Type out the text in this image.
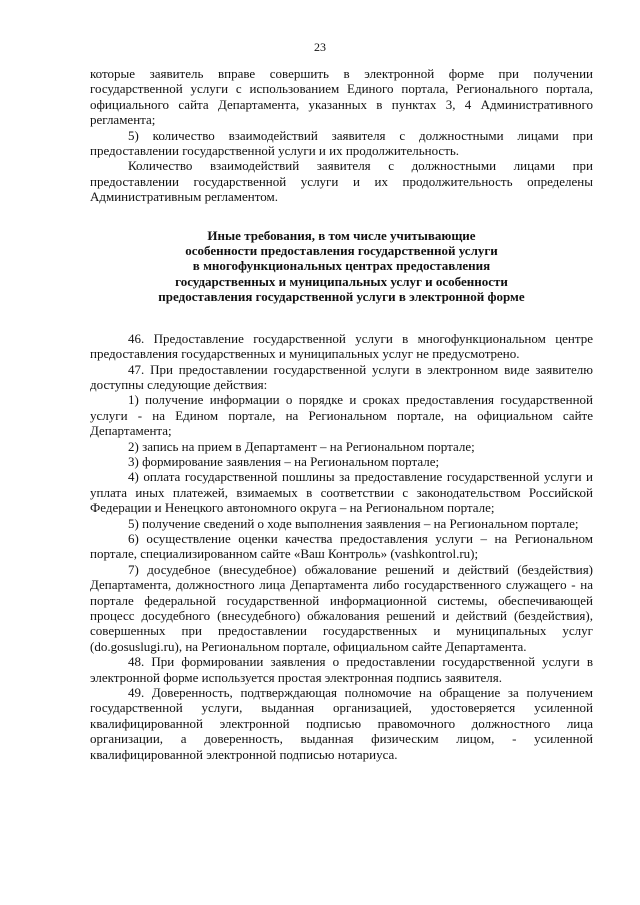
23

которые заявитель вправе совершить в электронной форме при получении государственной услуги с использованием Единого портала, Регионального портала, официального сайта Департамента, указанных в пунктах 3, 4 Административного регламента;

5) количество взаимодействий заявителя с должностными лицами при предоставлении государственной услуги и их продолжительность.

Количество взаимодействий заявителя с должностными лицами при предоставлении государственной услуги и их продолжительность определены Административным регламентом.

Иные требования, в том числе учитывающие

особенности предоставления государственной услуги

в многофункциональных центрах предоставления

государственных и муниципальных услуг и особенности

предоставления государственной услуги в электронной форме

46. Предоставление государственной услуги в многофункциональном центре предоставления государственных и муниципальных услуг не предусмотрено.

47. При предоставлении государственной услуги в электронном виде заявителю доступны следующие действия:

1) получение информации о порядке и сроках предоставления государственной услуги - на Едином портале, на Региональном портале, на официальном сайте Департамента;

2) запись на прием в Департамент – на Региональном портале;

3) формирование заявления – на Региональном портале;

4) оплата государственной пошлины за предоставление государственной услуги и уплата иных платежей, взимаемых в соответствии с законодательством Российской Федерации и Ненецкого автономного округа – на Региональном портале;

5) получение сведений о ходе выполнения заявления – на Региональном портале;

6) осуществление оценки качества предоставления услуги – на Региональном портале, специализированном сайте «Ваш Контроль» (vashkontrol.ru);

7) досудебное (внесудебное) обжалование решений и действий (бездействия) Департамента, должностного лица Департамента либо государственного служащего - на портале федеральной государственной информационной системы, обеспечивающей процесс досудебного (внесудебного) обжалования решений и действий (бездействия), совершенных при предоставлении государственных и муниципальных услуг (do.gosuslugi.ru), на Региональном портале, официальном сайте Департамента.

48. При формировании заявления о предоставлении государственной услуги в электронной форме используется простая электронная подпись заявителя.

49. Доверенность, подтверждающая полномочие на обращение за получением государственной услуги, выданная организацией, удостоверяется усиленной квалифицированной электронной подписью правомочного должностного лица организации, а доверенность, выданная физическим лицом, - усиленной квалифицированной электронной подписью нотариуса.
